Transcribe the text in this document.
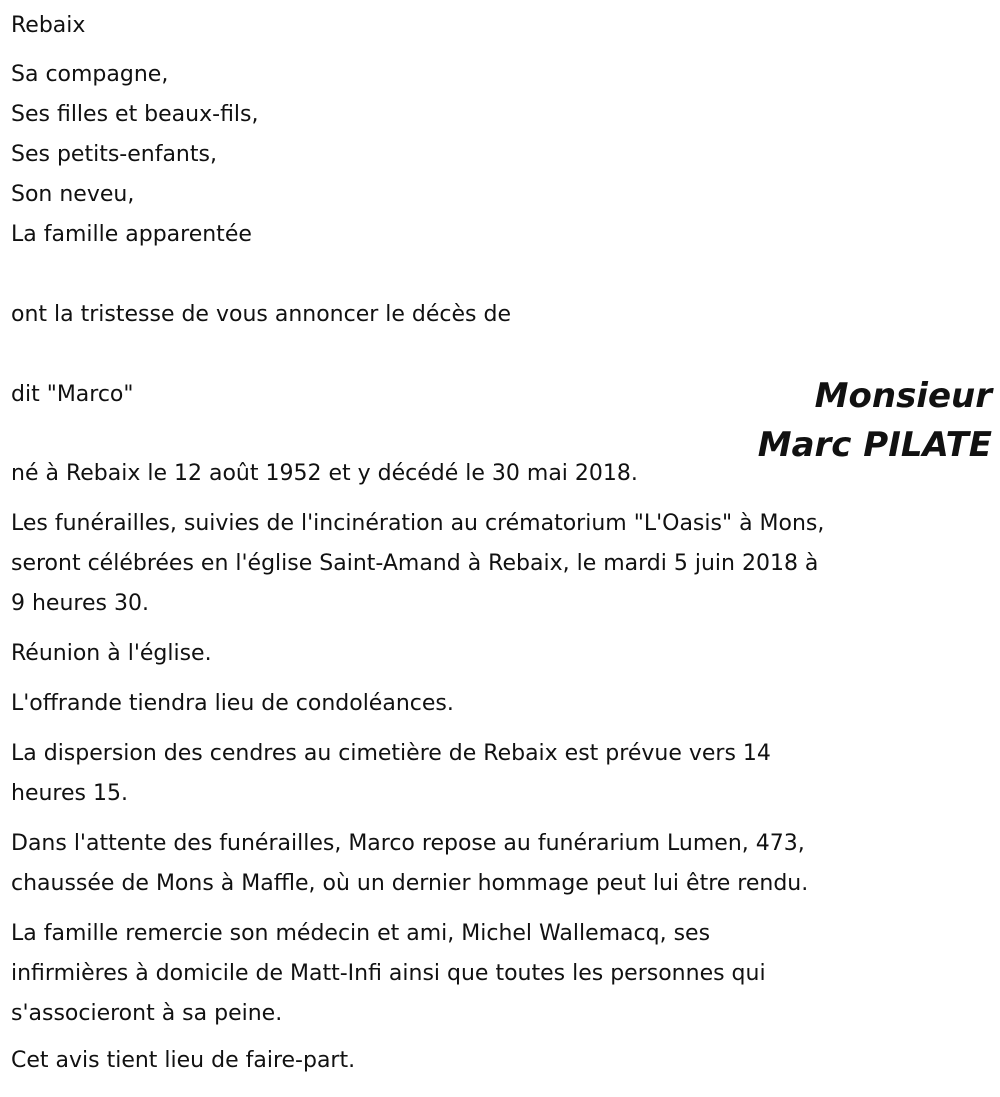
Rebaix
Sa compagne,
Ses filles et beaux-fils,
Ses petits-enfants,
Son neveu,
La famille apparentée
ont la tristesse de vous annoncer le décès de
dit "Marco"	Monsieur
Marc PILATE
né à Rebaix le 12 août 1952 et y décédé le 30 mai 2018.
Les funérailles, suivies de l'incinération au crématorium "L'Oasis" à Mons,
seront célébrées en l'église Saint-Amand à Rebaix, le mardi 5 juin 2018 à
9 heures 30.
Réunion à l'église.
L'offrande tiendra lieu de condoléances.
La dispersion des cendres au cimetière de Rebaix est prévue vers 14
heures 15.
Dans l'attente des funérailles, Marco repose au funérarium Lumen, 473,
chaussée de Mons à Maffle, où un dernier hommage peut lui être rendu.
La famille remercie son médecin et ami, Michel Wallemacq, ses
infirmières à domicile de Matt-Infi ainsi que toutes les personnes qui
s'associeront à sa peine.
Cet avis tient lieu de faire-part.
